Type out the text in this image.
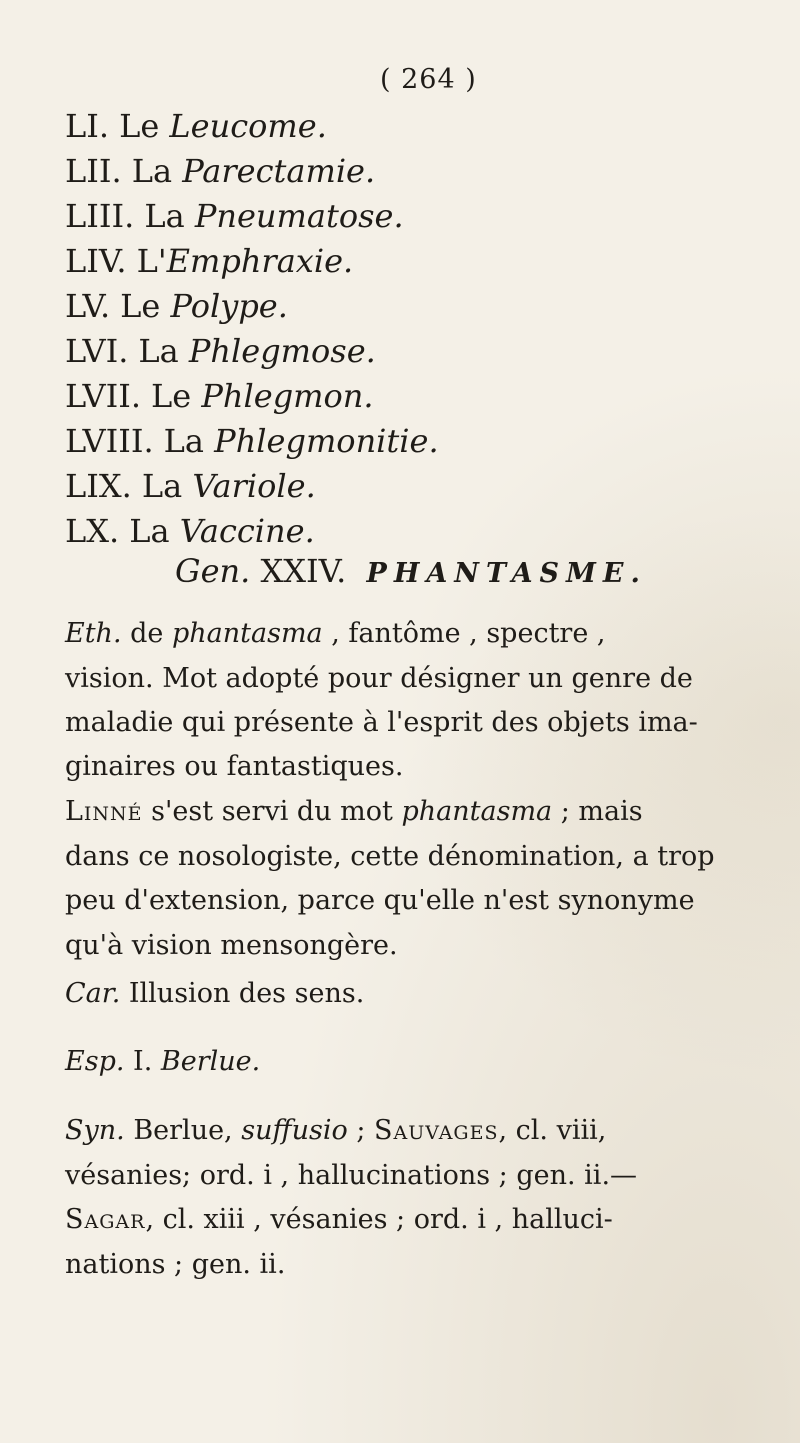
( 264 )
LI. Le Leucome.
LII. La Parectamie.
LIII. La Pneumatose.
LIV. L'Emphraxie.
LV. Le Polype.
LVI. La Phlegmose.
LVII. Le Phlegmon.
LVIII. La Phlegmonitie.
LIX. La Variole.
LX. La Vaccine.
Gen. XXIV. PHANTASME.
Eth. de phantasma , fantôme , spectre ,
vision. Mot adopté pour désigner un genre de
maladie qui présente à l'esprit des objets ima-
ginaires ou fantastiques.
Linné s'est servi du mot phantasma ; mais
dans ce nosologiste, cette dénomination, a trop
peu d'extension, parce qu'elle n'est synonyme
qu'à vision mensongère.
Car. Illusion des sens.
Esp. I. Berlue.
Syn. Berlue, suffusio ; Sauvages, cl. viii,
vésanies; ord. i , hallucinations ; gen. ii.—
Sagar, cl. xiii , vésanies ; ord. i , halluci-
nations ; gen. ii.
